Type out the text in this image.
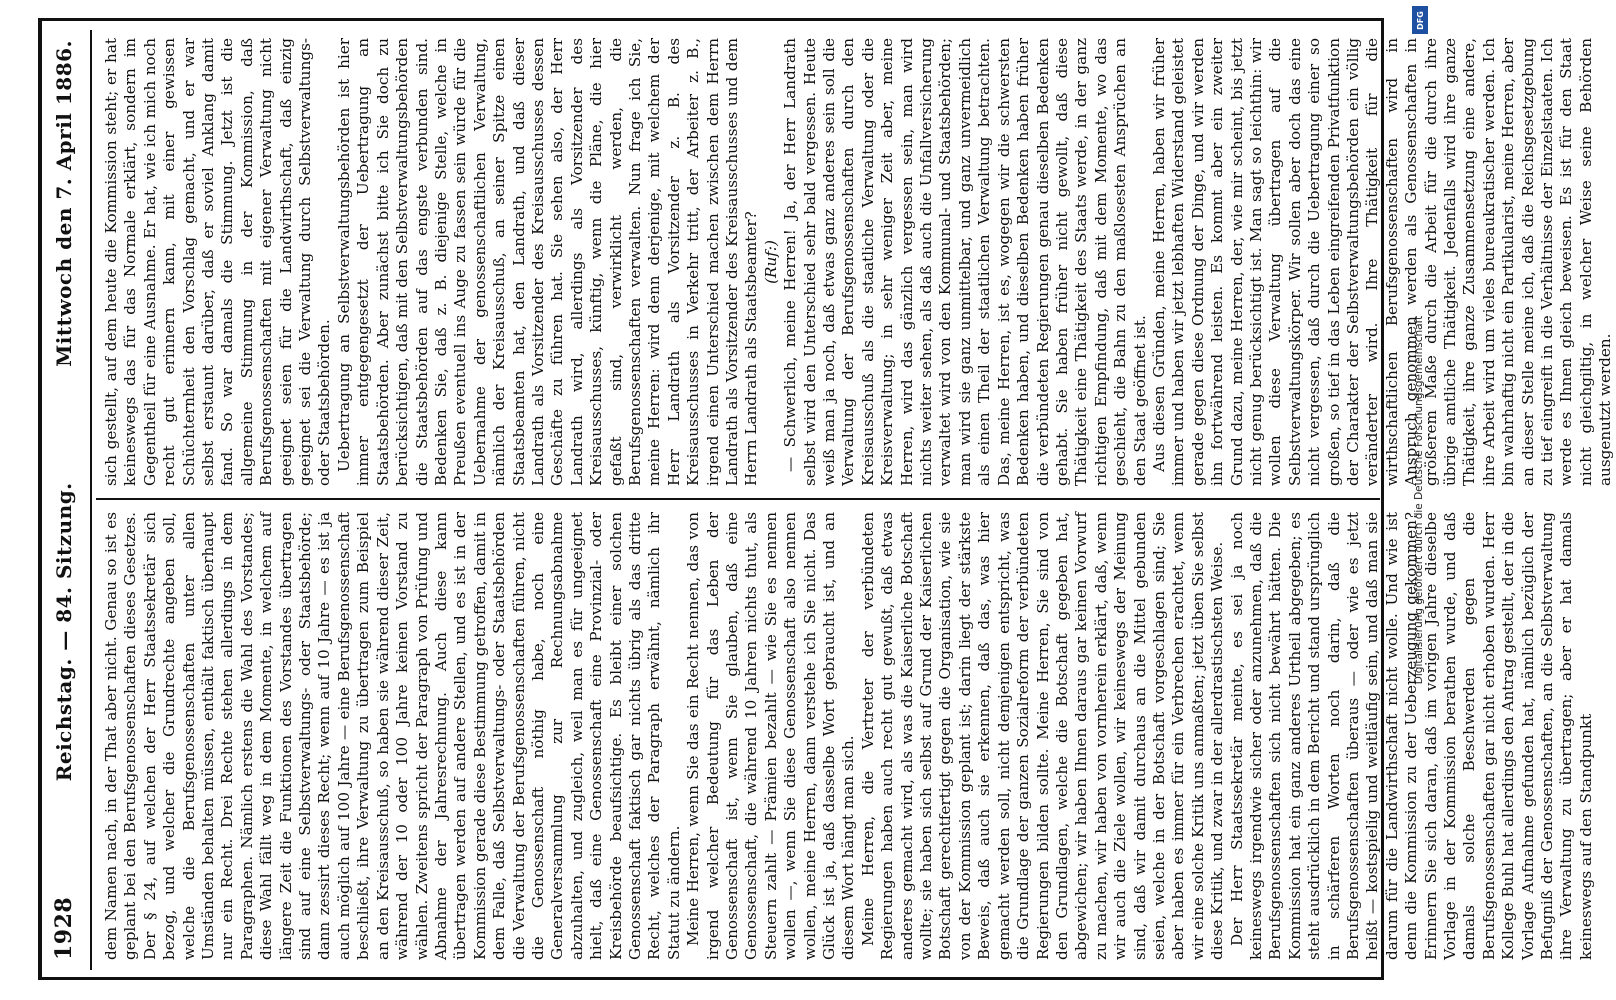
DFG
Digitalisierung gefördert durch die Deutsche Forschungsgemeinschaft
1928
Reichstag. — 84. Sitzung.
Mittwoch den 7. April 1886.

dem Namen nach, in der That aber nicht. Genau so ist es geplant bei den Berufsgenossenschaften dieses Gesetzes. Der § 24, auf welchen der Herr Staatssekretär sich bezog, und welcher die Grundrechte angeben soll, welche die Berufsgenossenschaften unter allen Umständen behalten müssen, enthält faktisch überhaupt nur ein Recht. Drei Rechte stehen allerdings in dem Paragraphen. Nämlich erstens die Wahl des Vorstandes; diese Wahl fällt weg in dem Momente, in welchem auf längere Zeit die Funktionen des Vorstandes übertragen sind auf eine Selbstverwaltungs- oder Staatsbehörde; dann zessirt dieses Recht; wenn auf 10 Jahre — es ist ja auch möglich auf 100 Jahre — eine Berufsgenossenschaft beschließt, ihre Verwaltung zu übertragen zum Beispiel an den Kreisausschuß, so haben sie während dieser Zeit, während der 10 oder 100 Jahre keinen Vorstand zu wählen. Zweitens spricht der Paragraph von Prüfung und Abnahme der Jahresrechnung. Auch diese kann übertragen werden auf andere Stellen, und es ist in der Kommission gerade diese Bestimmung getroffen, damit in dem Falle, daß Selbstverwaltungs- oder Staatsbehörden die Verwaltung der Berufsgenossenschaften führen, nicht die Genossenschaft nöthig habe, noch eine Generalversammlung zur Rechnungsabnahme abzuhalten, und zugleich, weil man es für ungeeignet hielt, daß eine Genossenschaft eine Provinzial- oder Kreisbehörde beaufsichtige. Es bleibt einer solchen Genossenschaft faktisch gar nichts übrig als das dritte Recht, welches der Paragraph erwähnt, nämlich ihr Statut zu ändern. Meine Herren, wenn Sie das ein Recht nennen, das von irgend welcher Bedeutung für das Leben der Genossenschaft ist, wenn Sie glauben, daß eine Genossenschaft, die während 10 Jahren nichts thut, als Steuern zahlt — Prämien bezahlt — wie Sie es nennen wollen —, wenn Sie diese Genossenschaft also nennen wollen, meine Herren, dann verstehe ich Sie nicht. Das Glück ist ja, daß dasselbe Wort gebraucht ist, und an diesem Wort hängt man sich. Meine Herren, die Vertreter der verbündeten Regierungen haben auch recht gut gewußt, daß etwas anderes gemacht wird, als was die Kaiserliche Botschaft wollte; sie haben sich selbst auf Grund der Kaiserlichen Botschaft gerechtfertigt gegen die Organisation, wie sie von der Kommission geplant ist; darin liegt der stärkste Beweis, daß auch sie erkennen, daß das, was hier gemacht werden soll, nicht demjenigen entspricht, was die Grundlage der ganzen Sozialreform der verbündeten Regierungen bilden sollte. Meine Herren, Sie sind von den Grundlagen, welche die Botschaft gegeben hat, abgewichen; wir haben Ihnen daraus gar keinen Vorwurf zu machen, wir haben von vornherein erklärt, daß, wenn wir auch die Ziele wollen, wir keineswegs der Meinung sind, daß wir damit durchaus an die Mittel gebunden seien, welche in der Botschaft vorgeschlagen sind; Sie aber haben es immer für ein Verbrechen erachtet, wenn wir eine solche Kritik uns anmaßten; jetzt üben Sie selbst diese Kritik, und zwar in der allerdrastischsten Weise. Der Herr Staatssekretär meinte, es sei ja noch keineswegs irgendwie sicher oder anzunehmen, daß die Berufsgenossenschaften sich nicht bewährt hätten. Die Kommission hat ein ganz anderes Urtheil abgegeben; es steht ausdrücklich in dem Bericht und stand ursprünglich in schärferen Worten noch darin, daß die Berufsgenossenschaften überaus — oder wie es jetzt heißt — kostspielig und weitläufig sein, und daß man sie darum für die Landwirthschaft nicht wolle. Und wie ist denn die Kommission zu der Ueberzeugung gekommen? Erinnern Sie sich daran, daß im vorigen Jahre dieselbe Vorlage in der Kommission berathen wurde, und daß damals solche Beschwerden gegen die Berufsgenossenschaften gar nicht erhoben wurden. Herr Kollege Buhl hat allerdings den Antrag gestellt, der in die Vorlage Aufnahme gefunden hat, nämlich bezüglich der Befugniß der Genossenschaften, an die Selbstverwaltung ihre Verwaltung zu übertragen; aber er hat damals keineswegs auf den Standpunkt

sich gestellt, auf dem heute die Kommission steht; er hat keineswegs das für das Normale erklärt, sondern im Gegentheil für eine Ausnahme. Er hat, wie ich mich noch recht gut erinnern kann, mit einer gewissen Schüchternheit den Vorschlag gemacht, und er war selbst erstaunt darüber, daß er soviel Anklang damit fand. So war damals die Stimmung. Jetzt ist die allgemeine Stimmung in der Kommission, daß Berufsgenossenschaften mit eigener Verwaltung nicht geeignet seien für die Landwirthschaft, daß einzig geeignet sei die Verwaltung durch Selbstverwaltungs- oder Staatsbehörden. Uebertragung an Selbstverwaltungsbehörden ist hier immer entgegengesetzt der Uebertragung an Staatsbehörden. Aber zunächst bitte ich Sie doch zu berücksichtigen, daß mit den Selbstverwaltungsbehörden die Staatsbehörden auf das engste verbunden sind. Bedenken Sie, daß z. B. diejenige Stelle, welche in Preußen eventuell ins Auge zu fassen sein würde für die Uebernahme der genossenschaftlichen Verwaltung, nämlich der Kreisausschuß, an seiner Spitze einen Staatsbeamten hat, den Landrath, und daß dieser Landrath als Vorsitzender des Kreisausschusses dessen Geschäfte zu führen hat. Sie sehen also, der Herr Landrath wird, allerdings als Vorsitzender des Kreisausschusses, künftig, wenn die Pläne, die hier gefaßt sind, verwirklicht werden, die Berufsgenossenschaften verwalten. Nun frage ich Sie, meine Herren: wird denn derjenige, mit welchem der Herr Landrath als Vorsitzender z. B. des Kreisausschusses in Verkehr tritt, der Arbeiter z. B., irgend einen Unterschied machen zwischen dem Herrn Landrath als Vorsitzender des Kreisausschusses und dem Herrn Landrath als Staatsbeamter? (Ruf:) — Schwerlich, meine Herren! Ja, der Herr Landrath selbst wird den Unterschied sehr bald vergessen. Heute weiß man ja noch, daß etwas ganz anderes sein soll die Verwaltung der Berufsgenossenschaften durch den Kreisausschuß als die staatliche Verwaltung oder die Kreisverwaltung; in sehr weniger Zeit aber, meine Herren, wird das gänzlich vergessen sein, man wird nichts weiter sehen, als daß auch die Unfallversicherung verwaltet wird von den Kommunal- und Staatsbehörden; man wird sie ganz unmittelbar, und ganz unvermeidlich als einen Theil der staatlichen Verwaltung betrachten. Das, meine Herren, ist es, wogegen wir die schwersten Bedenken haben, und dieselben Bedenken haben früher die verbündeten Regierungen genau dieselben Bedenken gehabt. Sie haben früher nicht gewollt, daß diese Thätigkeit eine Thätigkeit des Staats werde, in der ganz richtigen Empfindung, daß mit dem Momente, wo das geschieht, die Bahn zu den maßlosesten Ansprüchen an den Staat geöffnet ist. Aus diesen Gründen, meine Herren, haben wir früher immer und haben wir jetzt lebhaften Widerstand geleistet gerade gegen diese Ordnung der Dinge, und wir werden ihn fortwährend leisten. Es kommt aber ein zweiter Grund dazu, meine Herren, der, wie mir scheint, bis jetzt nicht genug berücksichtigt ist. Man sagt so leichthin: wir wollen diese Verwaltung übertragen auf die Selbstverwaltungskörper. Wir sollen aber doch das eine nicht vergessen, daß durch die Uebertragung einer so großen, so tief in das Leben eingreifenden Privatfunktion der Charakter der Selbstverwaltungsbehörden ein völlig veränderter wird. Ihre Thätigkeit für die wirthschaftlichen Berufsgenossenschaften wird in Anspruch genommen werden als Genossenschaften in größerem Maße durch die Arbeit für die durch ihre übrige amtliche Thätigkeit. Jedenfalls wird ihre ganze Thätigkeit, ihre ganze Zusammensetzung eine andere, ihre Arbeit wird um vieles bureaukratischer werden. Ich bin wahrhaftig nicht ein Partikularist, meine Herren, aber an dieser Stelle meine ich, daß die Reichsgesetzgebung zu tief eingreift in die Verhältnisse der Einzelstaaten. Ich werde es Ihnen gleich beweisen. Es ist für den Staat nicht gleichgiltig, in welcher Weise seine Behörden ausgenutzt werden.
